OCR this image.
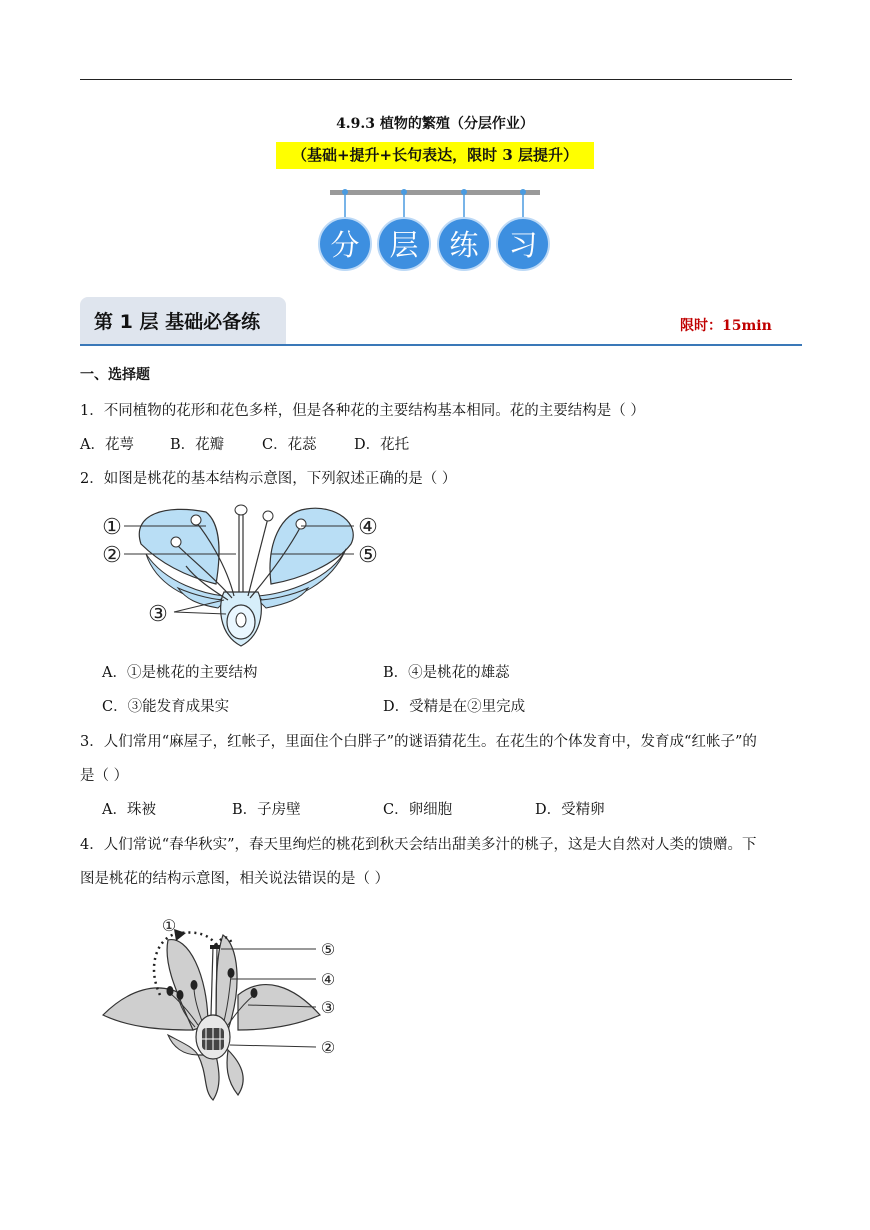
4.9.3 植物的繁殖（分层作业）
（基础+提升+长句表达，限时 3 层提升）
分 层 练 习
第 1 层 基础必备练	限时：15min
一、选择题
1．不同植物的花形和花色多样，但是各种花的主要结构基本相同。花的主要结构是（ ）
A．花萼 B．花瓣	C．花蕊	D．花托
2．如图是桃花的基本结构示意图，下列叙述正确的是（ ）
①
②
③
④
⑤
A．①是桃花的主要结构	B．④是桃花的雄蕊
C．③能发育成果实	D．受精是在②里完成
3．人们常用“麻屋子，红帐子，里面住个白胖子”的谜语猜花生。在花生的个体发育中，发育成“红帐子”的
是（ ）
A．珠被	B．子房壁	C．卵细胞	D．受精卵
4．人们常说“春华秋实”，春天里绚烂的桃花到秋天会结出甜美多汁的桃子，这是大自然对人类的馈赠。下
图是桃花的结构示意图，相关说法错误的是（ ）
①
②
③
④
⑤
